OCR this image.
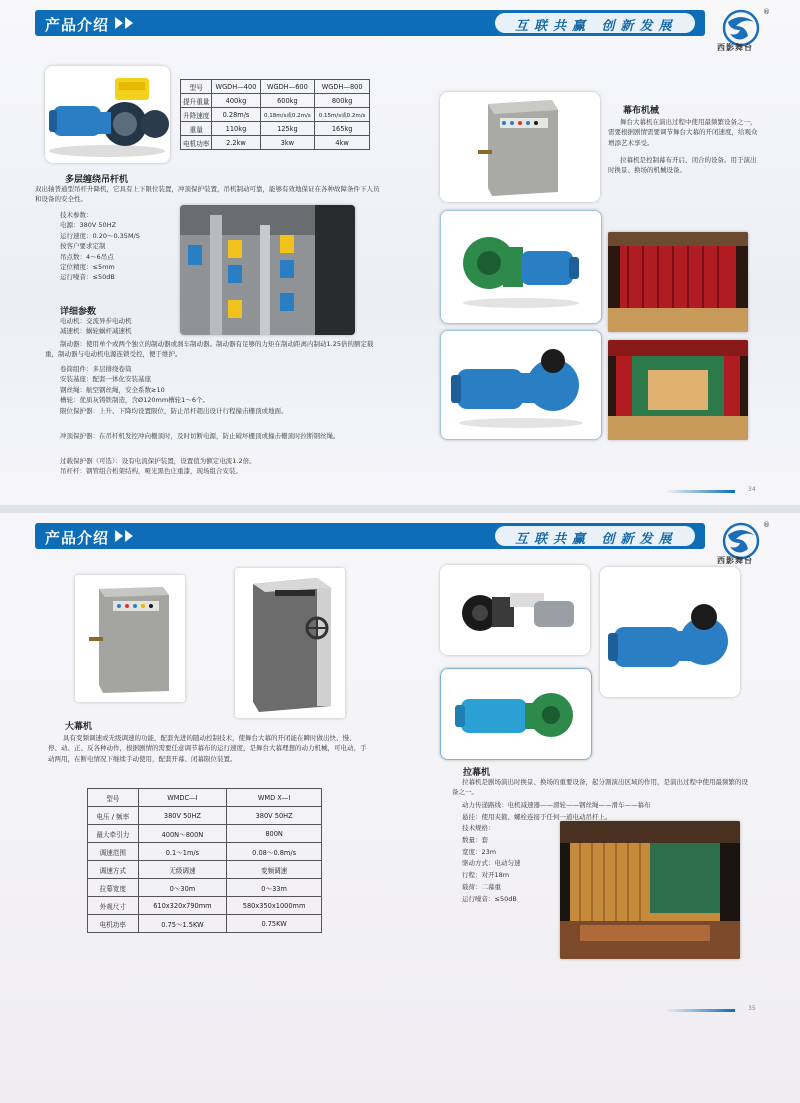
产品介绍	互联共赢 创新发展
®
西影舞台
型号	WGDH—400	WGDH—600	WGDH—800
提升重量	400kg	600kg	800kg
升降速度	0.28m/s	0.18m/s或0.2m/s	0.15m/s或0.2m/s
重量	110kg	125kg	165kg
电机功率	2.2kw	3kw	4kw
多层缠绕吊杆机
双出轴普通型吊杆升降机，它具有上下限位装置，冲顶保护装置，吊机制动可靠，能够有效地保证在各种故障条件下人员和设备的安全性。
技术参数：
电源：380V 50HZ
运行速度：0.20～0.35M/S
按客户要求定制
吊点数：4～6吊点
定位精度：≤5mm
运行噪音：≤50dB
详细参数
电动机：交流异步电动机
减速机：蜗轮蜗杆减速机
制动器：使用单个或两个独立的制动器或刹车制动器。制动器有足够的力矩在制动距离内制动1.25倍的额定载重，制动器与电动机电源连锁受控，便于维护。
卷筒组件：多层排绕卷筒
安装基座：配套一体化安装基座
钢丝绳：航空钢丝绳，安全系数≥10
槽轮：优质灰铸铁制造，含Ø120mm槽轮1～6个。
限位保护器：上升、下降均设置限位，防止吊杆超出设计行程撞击栅顶或地面。
冲顶保护器：在吊杆机发控冲向栅顶时，及时切断电源，防止破坏栅顶或撞击栅顶时拉断钢丝绳。
过载保护器（可选）：设有电流保护装置，设置值为额定电流1.2倍。
吊杆杆：钢管组合桁架结构，哑光黑色庄重漆，现场组合安装。
幕布机械
舞台大幕机在演出过程中使用最频繁设备之一，需要根据剧情需要调节舞台大幕的开闭速度，给观众增添艺术享受。
拉幕机是控制幕布开启、闭合的设备。用于演出时换景、换场的机械设备。
34
产品介绍	互联共赢 创新发展
®
西影舞台
大幕机
具有变频调速或无级调速的功能，配套先进的随动控制技术，使舞台大幕的开闭能在瞬时做出快、慢、停、动、正、反各种动作，根据剧情的需要任意调节幕布的运行速度，是舞台大幕理想的动力机械，可电动、手动两用，在断电情况下继续手动使用，配套开幕、闭幕限位装置。
拉幕机
拉幕机是剧场演出时换景、换场的重要设备，起分割演出区域的作用，是演出过程中使用最频繁的设备之一。
动力传递路线：电机减速器——滑轮——钢丝绳——滑车——幕布
悬挂：使用夹箍、螺栓连接于任何一道电动吊杆上。
技术规格：
数量：套
宽度：23m
驱动方式：电动匀速
行程：对开18m
载荷：二幕重
运行噪音：≤50dB
型号	WMDC—I	WMD X—I
电压 / 频率	380V 50HZ	380V 50HZ
最大牵引力	400N～800N	800N
调速范围	0.1～1m/s	0.08～0.8m/s
调速方式	无级调速	变频调速
拉幕宽度	0～30m	0～33m
外观尺寸	610x320x790mm	580x350x1000mm
电机功率	0.75～1.5KW	0.75KW
35
